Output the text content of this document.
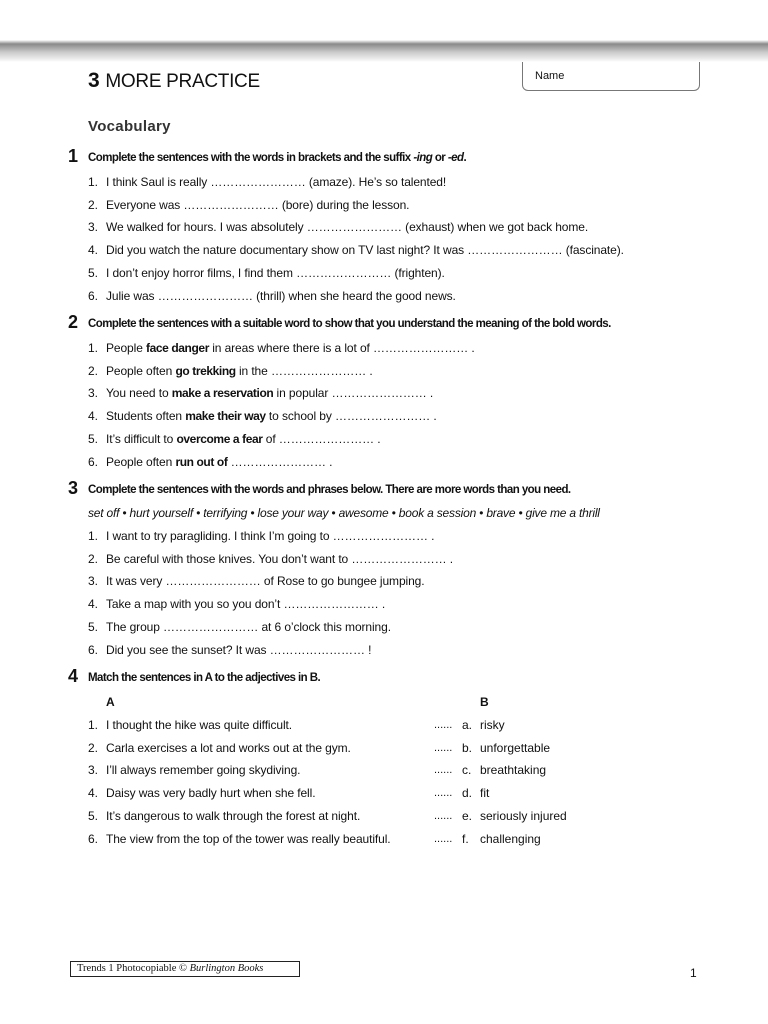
3 MORE PRACTICE	Name
Vocabulary
1 Complete the sentences with the words in brackets and the suffix -ing or -ed.
1. I think Saul is really …………………… (amaze). He’s so talented!
2. Everyone was …………………… (bore) during the lesson.
3. We walked for hours. I was absolutely …………………… (exhaust) when we got back home.
4. Did you watch the nature documentary show on TV last night? It was …………………… (fascinate).
5. I don’t enjoy horror films, I find them …………………… (frighten).
6. Julie was …………………… (thrill) when she heard the good news.
2 Complete the sentences with a suitable word to show that you understand the meaning of the bold words.
1. People face danger in areas where there is a lot of …………………… .
2. People often go trekking in the …………………… .
3. You need to make a reservation in popular …………………… .
4. Students often make their way to school by …………………… .
5. It’s difficult to overcome a fear of …………………… .
6. People often run out of …………………… .
3 Complete the sentences with the words and phrases below. There are more words than you need.
set off • hurt yourself • terrifying • lose your way • awesome • book a session • brave • give me a thrill
1. I want to try paragliding. I think I’m going to …………………… .
2. Be careful with those knives. You don’t want to …………………… .
3. It was very …………………… of Rose to go bungee jumping.
4. Take a map with you so you don’t …………………… .
5. The group …………………… at 6 o’clock this morning.
6. Did you see the sunset? It was …………………… !
4 Match the sentences in A to the adjectives in B.
A	B
1. I thought the hike was quite difficult.	...... a. risky
2. Carla exercises a lot and works out at the gym.	...... b. unforgettable
3. I’ll always remember going skydiving.	...... c. breathtaking
4. Daisy was very badly hurt when she fell.	...... d. fit
5. It’s dangerous to walk through the forest at night.	...... e. seriously injured
6. The view from the top of the tower was really beautiful.	...... f. challenging
Trends 1 Photocopiable © Burlington Books	1
